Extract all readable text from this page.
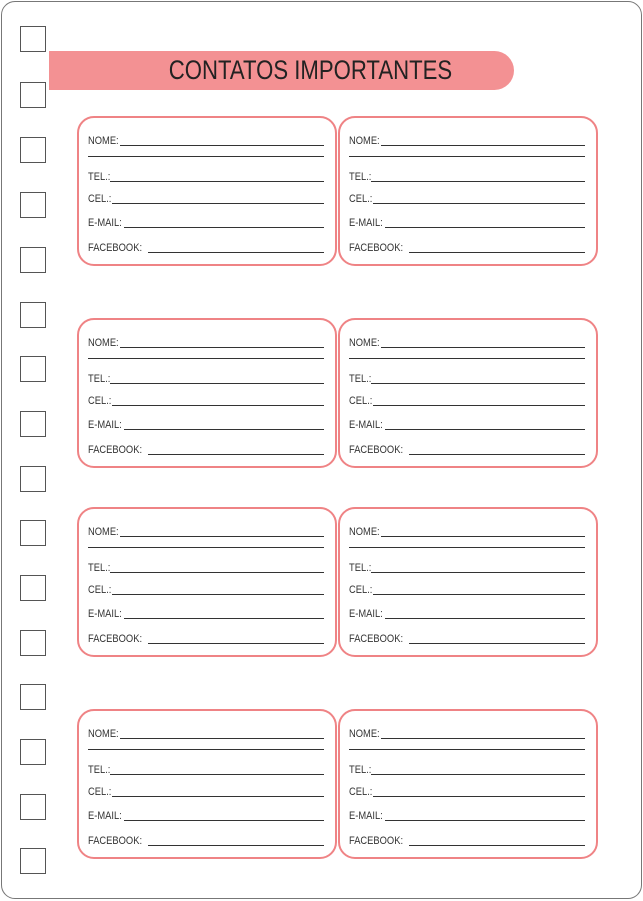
CONTATOS IMPORTANTES
NOME:
TEL.:
CEL.:
E-MAIL:
FACEBOOK:
NOME:
TEL.:
CEL.:
E-MAIL:
FACEBOOK:
NOME:
TEL.:
CEL.:
E-MAIL:
FACEBOOK:
NOME:
TEL.:
CEL.:
E-MAIL:
FACEBOOK:
NOME:
TEL.:
CEL.:
E-MAIL:
FACEBOOK:
NOME:
TEL.:
CEL.:
E-MAIL:
FACEBOOK:
NOME:
TEL.:
CEL.:
E-MAIL:
FACEBOOK:
NOME:
TEL.:
CEL.:
E-MAIL:
FACEBOOK:
